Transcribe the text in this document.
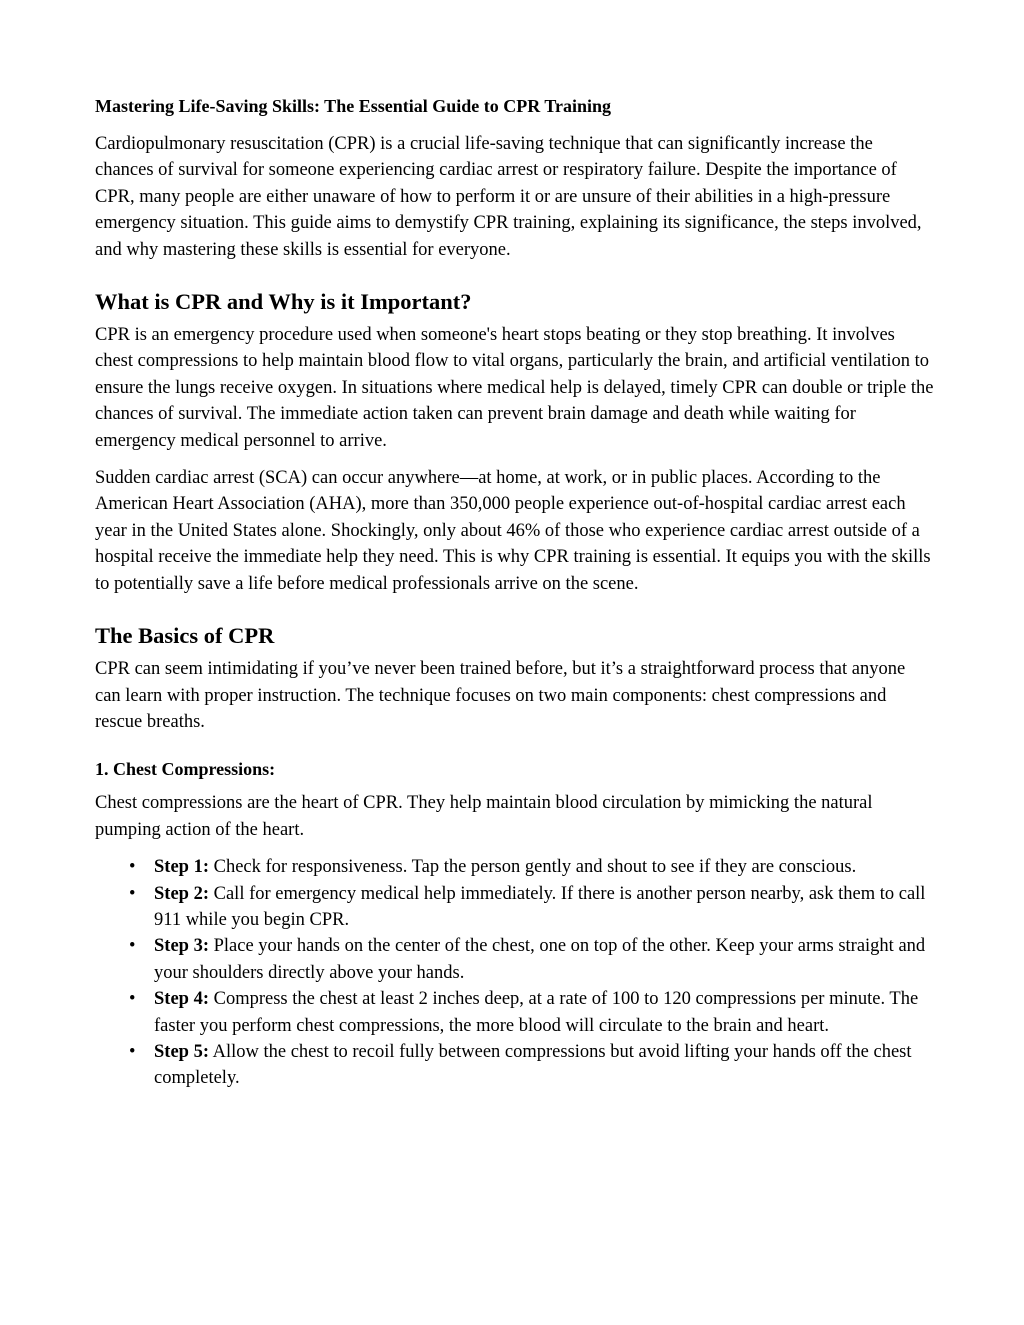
Mastering Life-Saving Skills: The Essential Guide to CPR Training

Cardiopulmonary resuscitation (CPR) is a crucial life-saving technique that can significantly increase the chances of survival for someone experiencing cardiac arrest or respiratory failure. Despite the importance of CPR, many people are either unaware of how to perform it or are unsure of their abilities in a high-pressure emergency situation. This guide aims to demystify CPR training, explaining its significance, the steps involved, and why mastering these skills is essential for everyone.

What is CPR and Why is it Important?

CPR is an emergency procedure used when someone's heart stops beating or they stop breathing. It involves chest compressions to help maintain blood flow to vital organs, particularly the brain, and artificial ventilation to ensure the lungs receive oxygen. In situations where medical help is delayed, timely CPR can double or triple the chances of survival. The immediate action taken can prevent brain damage and death while waiting for emergency medical personnel to arrive.

Sudden cardiac arrest (SCA) can occur anywhere—at home, at work, or in public places. According to the American Heart Association (AHA), more than 350,000 people experience out-of-hospital cardiac arrest each year in the United States alone. Shockingly, only about 46% of those who experience cardiac arrest outside of a hospital receive the immediate help they need. This is why CPR training is essential. It equips you with the skills to potentially save a life before medical professionals arrive on the scene.

The Basics of CPR

CPR can seem intimidating if you’ve never been trained before, but it’s a straightforward process that anyone can learn with proper instruction. The technique focuses on two main components: chest compressions and rescue breaths.

1. Chest Compressions:

Chest compressions are the heart of CPR. They help maintain blood circulation by mimicking the natural pumping action of the heart.

• Step 1: Check for responsiveness. Tap the person gently and shout to see if they are conscious.
• Step 2: Call for emergency medical help immediately. If there is another person nearby, ask them to call 911 while you begin CPR.
• Step 3: Place your hands on the center of the chest, one on top of the other. Keep your arms straight and your shoulders directly above your hands.
• Step 4: Compress the chest at least 2 inches deep, at a rate of 100 to 120 compressions per minute. The faster you perform chest compressions, the more blood will circulate to the brain and heart.
• Step 5: Allow the chest to recoil fully between compressions but avoid lifting your hands off the chest completely.
